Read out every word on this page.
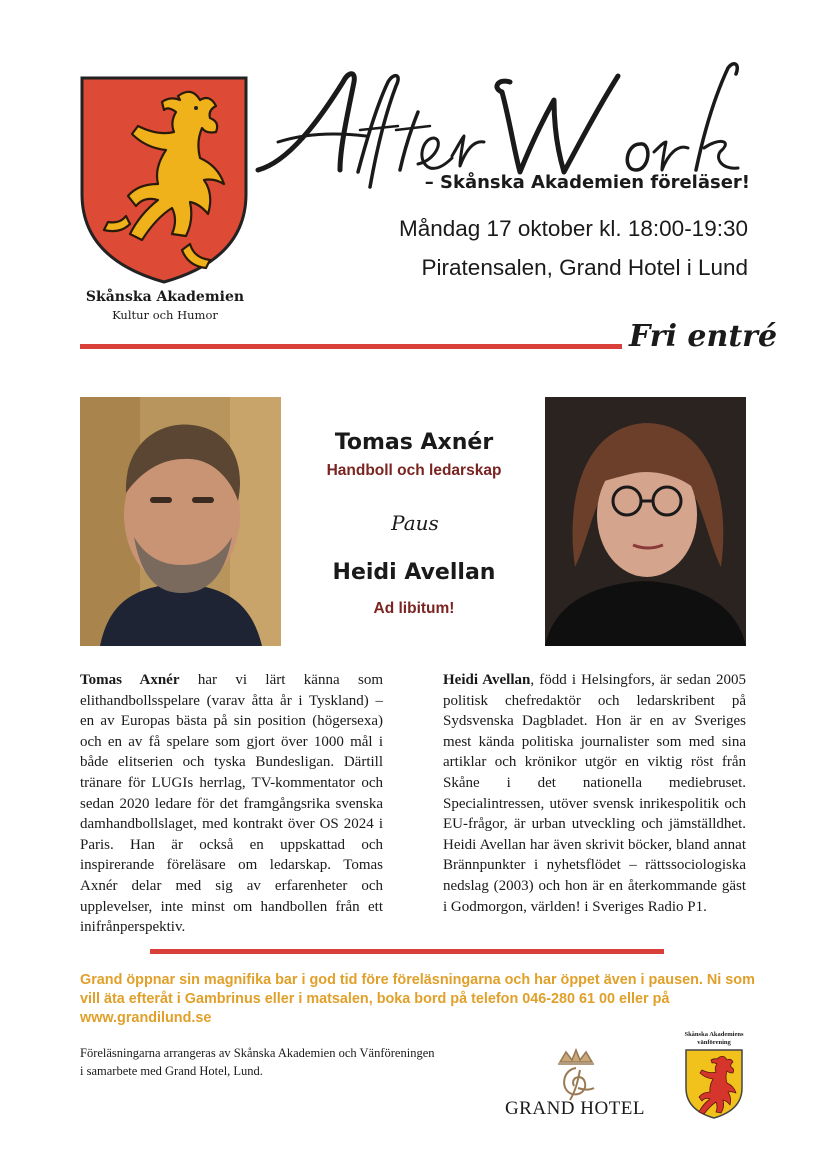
Skånska Akademien
Kultur och Humor
– Skånska Akademien föreläser!
Måndag 17 oktober kl. 18:00-19:30
Piratensalen, Grand Hotel i Lund
Fri entré
Tomas Axnér
Handboll och ledarskap
Paus
Heidi Avellan
Ad libitum!
Tomas Axnér har vi lärt känna som elithandbollsspelare (varav åtta år i Tyskland) – en av Europas bästa på sin position (högersexa) och en av få spelare som gjort över 1000 mål i både elitserien och tyska Bundesligan. Därtill tränare för LUGIs herrlag, TV-kommentator och sedan 2020 ledare för det framgångsrika svenska damhandbollslaget, med kontrakt över OS 2024 i Paris. Han är också en uppskattad och inspirerande föreläsare om ledarskap. Tomas Axnér delar med sig av erfarenheter och upplevelser, inte minst om handbollen från ett inifrånperspektiv.
Heidi Avellan, född i Helsingfors, är sedan 2005 politisk chefredaktör och ledarskribent på Sydsvenska Dagbladet. Hon är en av Sveriges mest kända politiska journalister som med sina artiklar och krönikor utgör en viktig röst från Skåne i det nationella mediebruset. Specialintressen, utöver svensk inrikespolitik och EU-frågor, är urban utveckling och jämställdhet. Heidi Avellan har även skrivit böcker, bland annat Brännpunkter i nyhetsflödet – rättssociologiska nedslag (2003) och hon är en återkommande gäst i Godmorgon, världen! i Sveriges Radio P1.
Grand öppnar sin magnifika bar i god tid före föreläsningarna och har öppet även i pausen. Ni som vill äta efteråt i Gambrinus eller i matsalen, boka bord på telefon 046-280 61 00 eller på www.grandilund.se
Föreläsningarna arrangeras av Skånska Akademien och Vänföreningen
i samarbete med Grand Hotel, Lund.
GRAND HOTEL
Skånska Akademiens
vänförening
